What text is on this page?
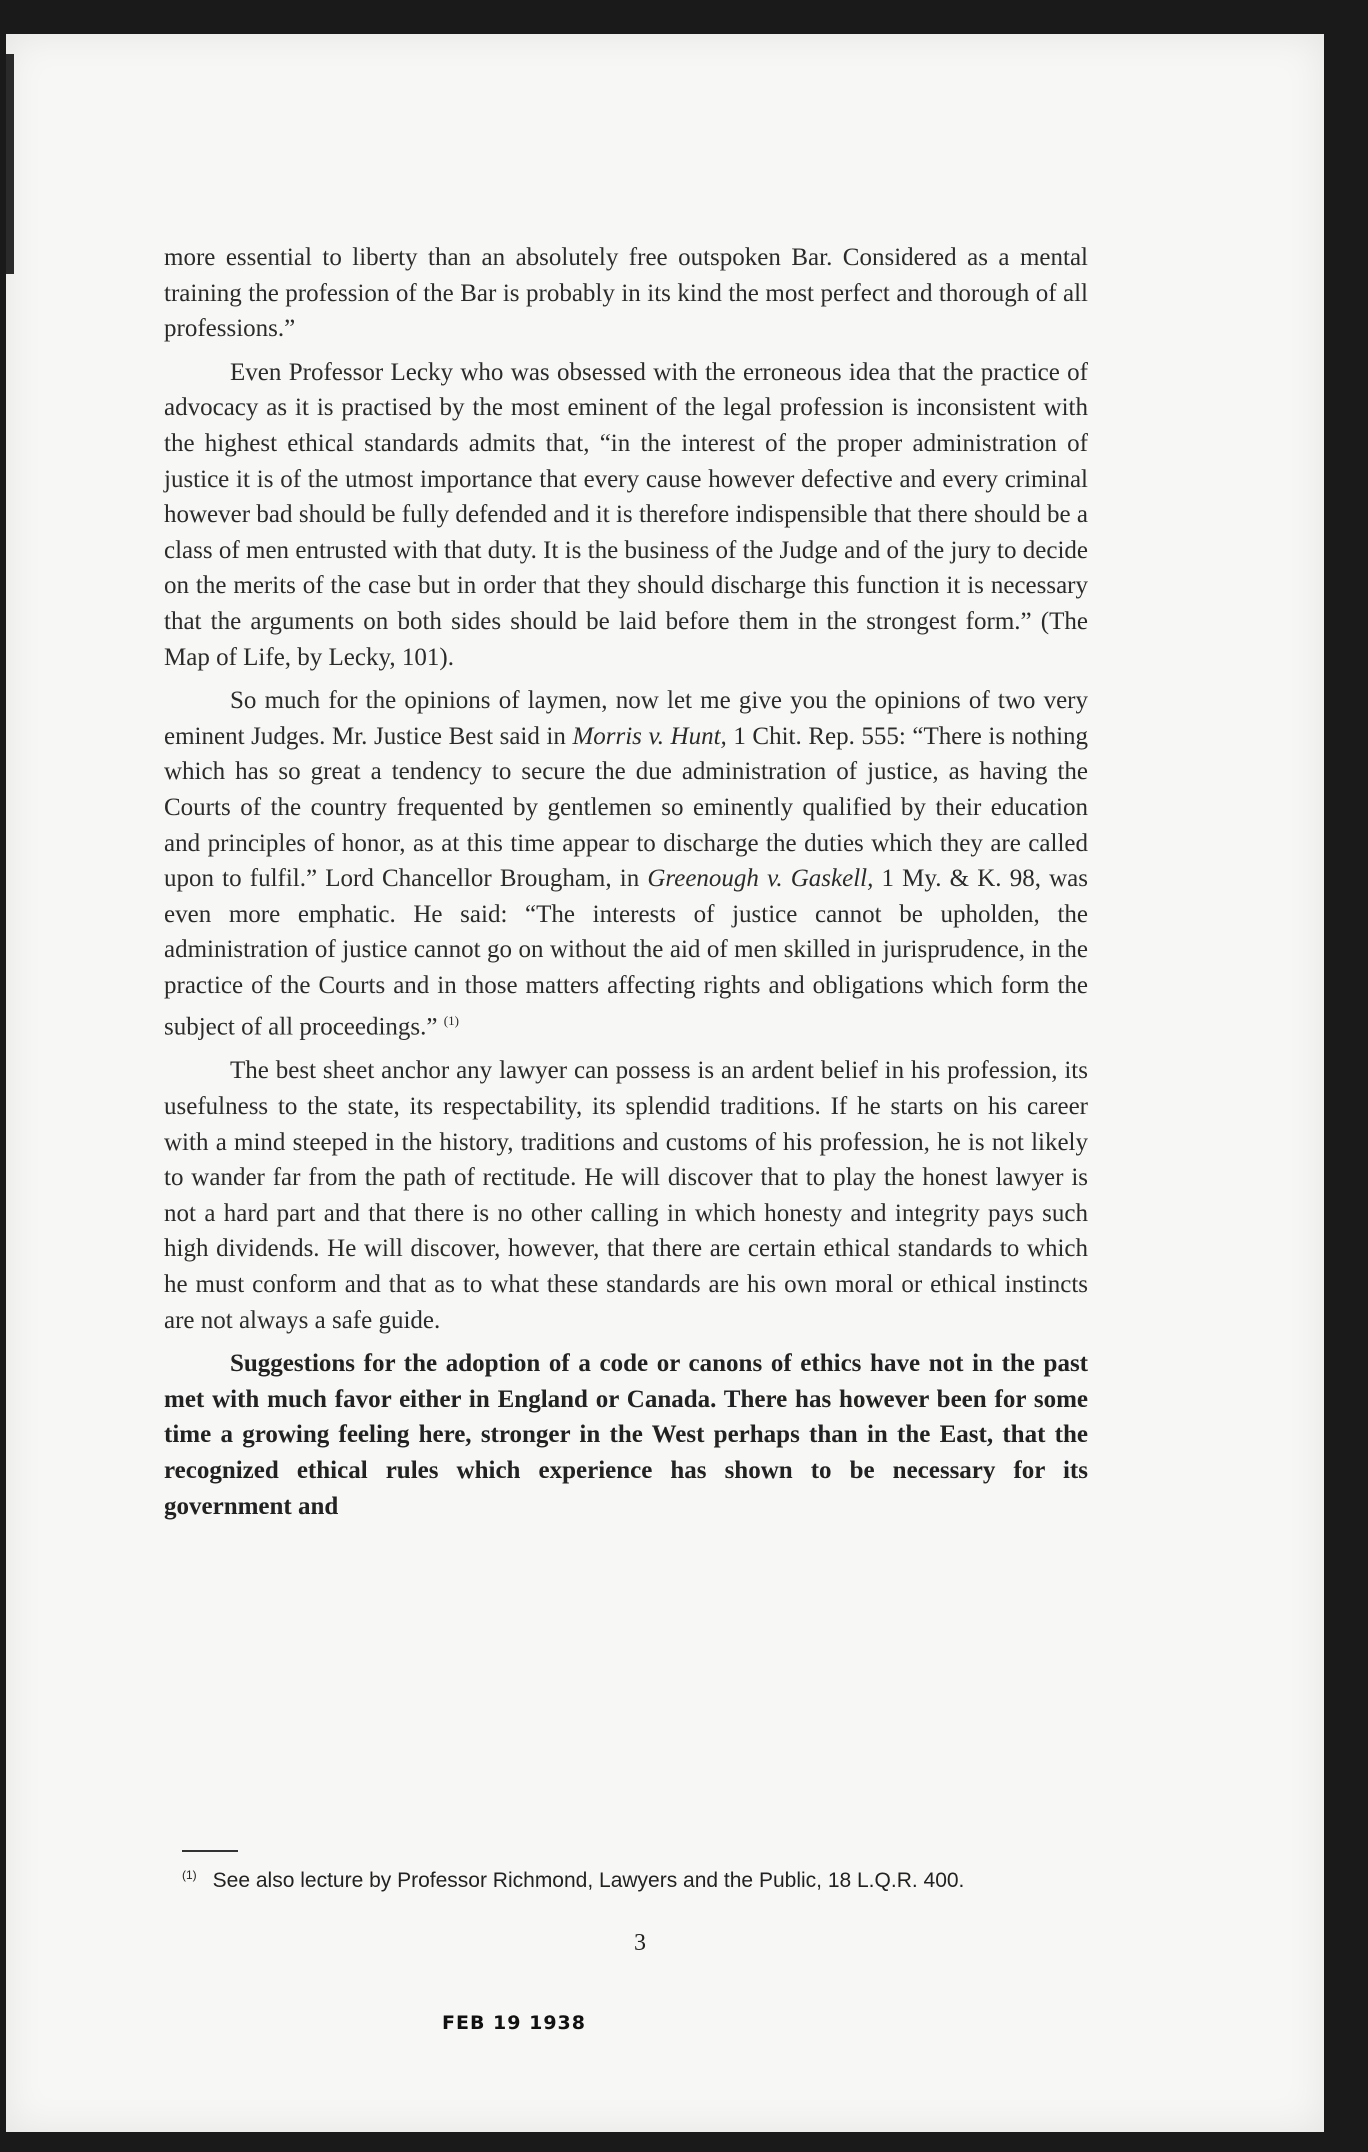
more essential to liberty than an absolutely free outspoken Bar. Considered as a mental training the profession of the Bar is probably in its kind the most perfect and thorough of all professions.”

Even Professor Lecky who was obsessed with the erroneous idea that the practice of advocacy as it is practised by the most eminent of the legal profession is inconsistent with the highest ethical standards admits that, “in the interest of the proper administration of justice it is of the utmost importance that every cause however defective and every criminal however bad should be fully defended and it is therefore indispensible that there should be a class of men entrusted with that duty. It is the business of the Judge and of the jury to decide on the merits of the case but in order that they should discharge this function it is necessary that the arguments on both sides should be laid before them in the strongest form.” (The Map of Life, by Lecky, 101).

So much for the opinions of laymen, now let me give you the opinions of two very eminent Judges. Mr. Justice Best said in Morris v. Hunt, 1 Chit. Rep. 555: “There is nothing which has so great a tendency to secure the due administration of justice, as having the Courts of the country frequented by gentlemen so eminently qualified by their education and principles of honor, as at this time appear to discharge the duties which they are called upon to fulfil.” Lord Chancellor Brougham, in Greenough v. Gaskell, 1 My. & K. 98, was even more emphatic. He said: “The interests of justice cannot be upholden, the administration of justice cannot go on without the aid of men skilled in jurisprudence, in the practice of the Courts and in those matters affecting rights and obligations which form the subject of all proceedings.” $^{(1)}$

The best sheet anchor any lawyer can possess is an ardent belief in his profession, its usefulness to the state, its respectability, its splendid traditions. If he starts on his career with a mind steeped in the history, traditions and customs of his profession, he is not likely to wander far from the path of rectitude. He will discover that to play the honest lawyer is not a hard part and that there is no other calling in which honesty and integrity pays such high dividends. He will discover, however, that there are certain ethical standards to which he must conform and that as to what these standards are his own moral or ethical instincts are not always a safe guide.

Suggestions for the adoption of a code or canons of ethics have not in the past met with much favor either in England or Canada. There has however been for some time a growing feeling here, stronger in the West perhaps than in the East, that the recognized ethical rules which experience has shown to be necessary for its government and

$^{(1)}$ See also lecture by Professor Richmond, Lawyers and the Public, 18 L.Q.R. 400.
3
FEB 19 1938
